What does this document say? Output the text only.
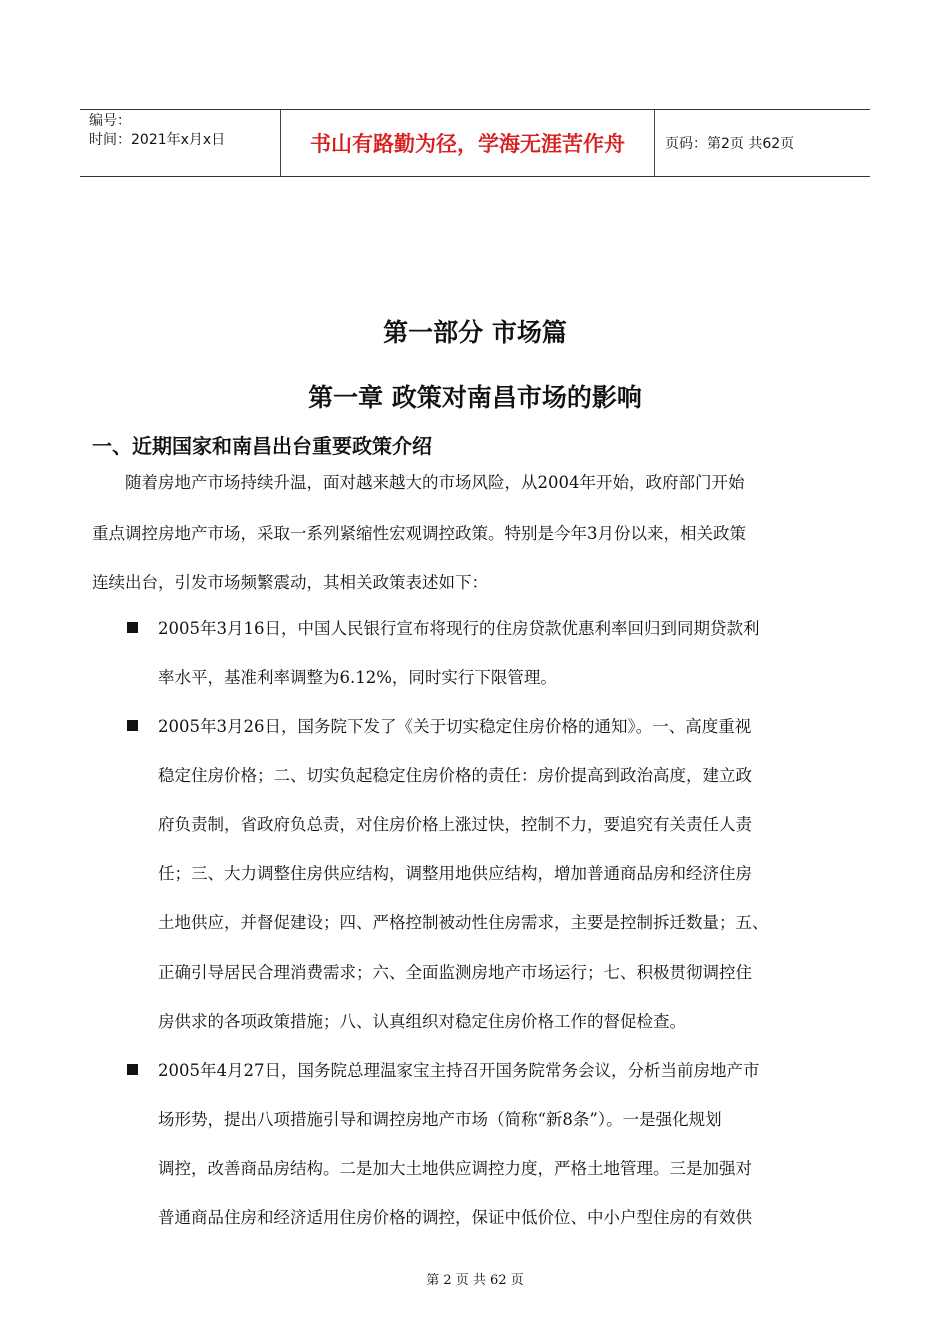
编号：
时间：2021年x月x日	书山有路勤为径，学海无涯苦作舟	页码：第2页 共62页
第一部分 市场篇
第一章 政策对南昌市场的影响
一、近期国家和南昌出台重要政策介绍
随着房地产市场持续升温，面对越来越大的市场风险，从2004年开始，政府部门开始
重点调控房地产市场，采取一系列紧缩性宏观调控政策。特别是今年3月份以来，相关政策
连续出台，引发市场频繁震动，其相关政策表述如下：
2005年3月16日，中国人民银行宣布将现行的住房贷款优惠利率回归到同期贷款利
率水平，基准利率调整为6.12%，同时实行下限管理。
2005年3月26日，国务院下发了《关于切实稳定住房价格的通知》。一、高度重视
稳定住房价格；二、切实负起稳定住房价格的责任：房价提高到政治高度，建立政
府负责制，省政府负总责，对住房价格上涨过快，控制不力，要追究有关责任人责
任；三、大力调整住房供应结构，调整用地供应结构，增加普通商品房和经济住房
土地供应，并督促建设；四、严格控制被动性住房需求，主要是控制拆迁数量；五、
正确引导居民合理消费需求；六、全面监测房地产市场运行；七、积极贯彻调控住
房供求的各项政策措施；八、认真组织对稳定住房价格工作的督促检查。
2005年4月27日，国务院总理温家宝主持召开国务院常务会议，分析当前房地产市
场形势，提出八项措施引导和调控房地产市场（简称“新8条”）。一是强化规划
调控，改善商品房结构。二是加大土地供应调控力度，严格土地管理。三是加强对
普通商品住房和经济适用住房价格的调控，保证中低价位、中小户型住房的有效供
第 2 页 共 62 页
